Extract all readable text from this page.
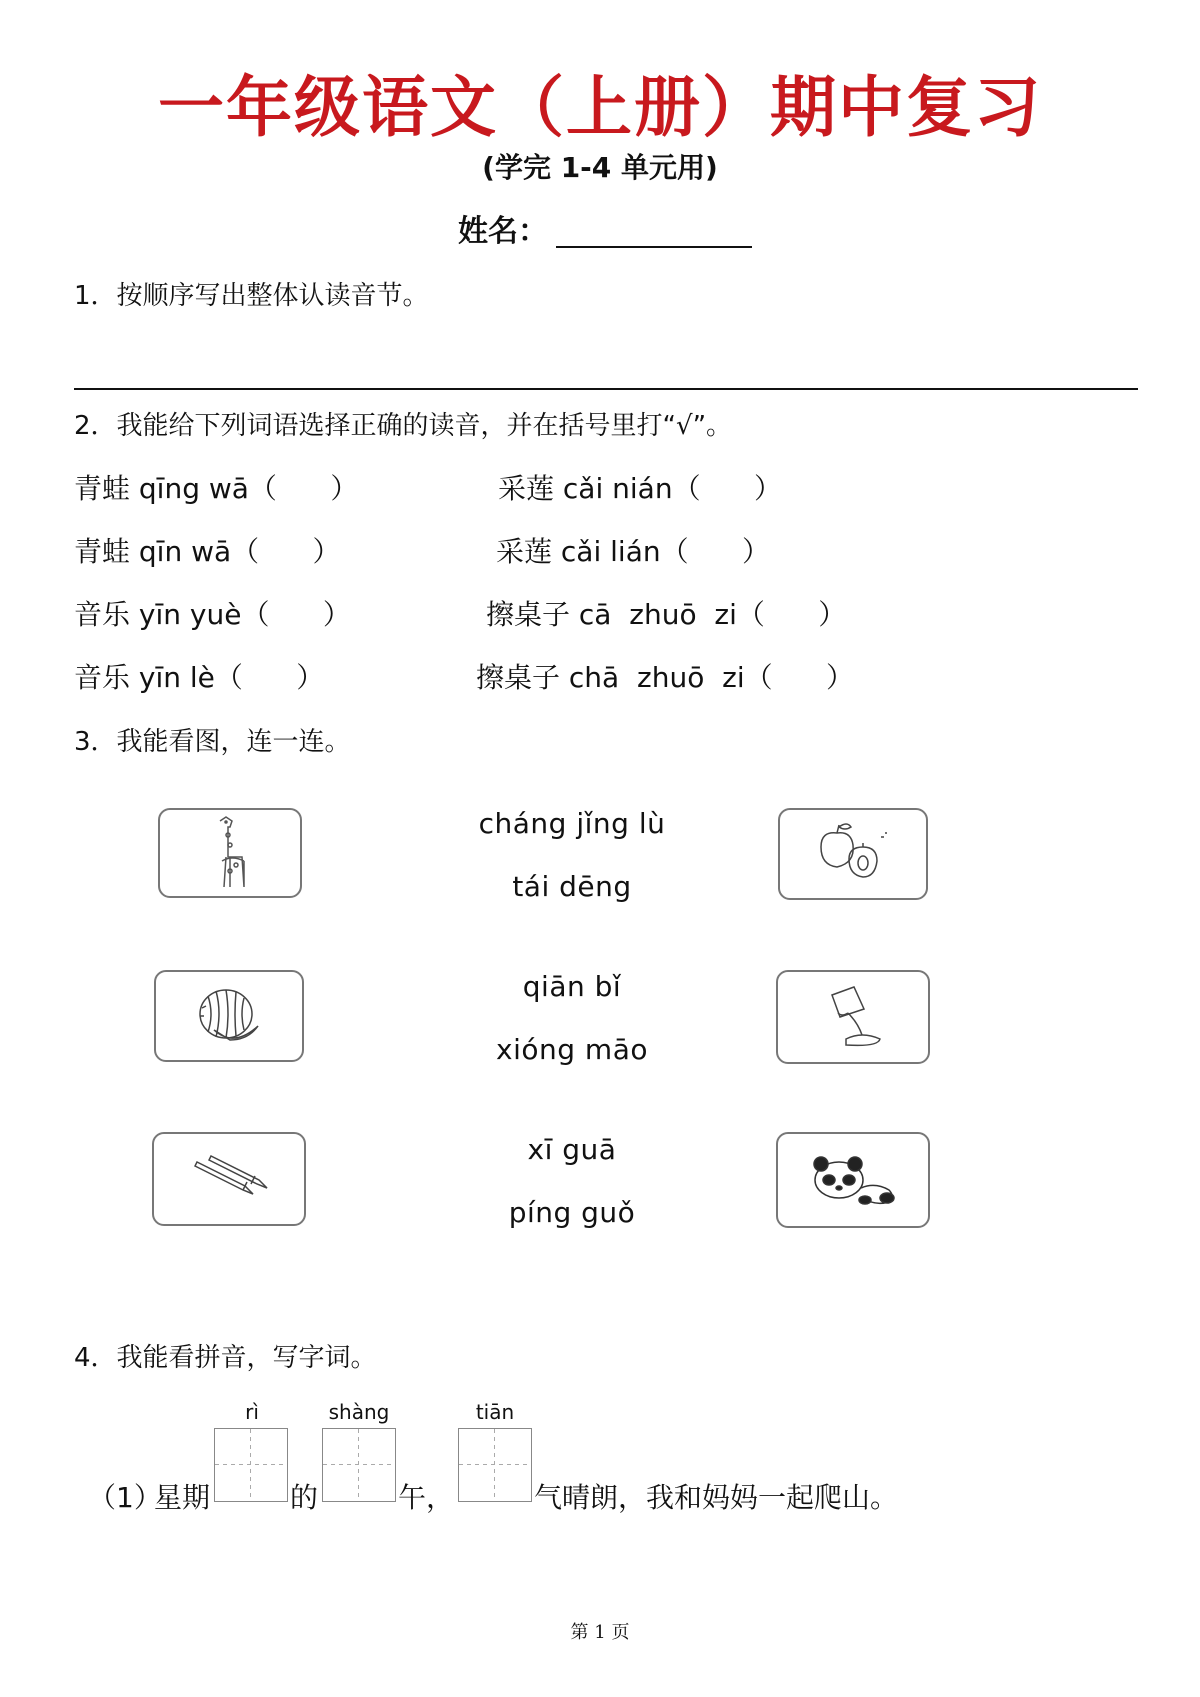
一年级语文（上册）期中复习
(学完 1-4 单元用)
姓名：
1．按顺序写出整体认读音节。
2．我能给下列词语选择正确的读音，并在括号里打“√”。
青蛙 qīng wā（      ）	采莲 cǎi nián（      ）
青蛙 qīn wā（      ）	采莲 cǎi lián（      ）
音乐 yīn yuè（      ）	擦桌子 cā  zhuō  zi（      ）
音乐 yīn lè（      ）	擦桌子 chā  zhuō  zi（      ）
3．我能看图，连一连。
cháng jǐng lù
tái dēng
qiān bǐ
xióng māo
xī guā
píng guǒ
4．我能看拼音，写字词。
rì	shàng	tiān
（1）
星期	的	午，	气晴朗，我和妈妈一起爬山。
第 1 页
